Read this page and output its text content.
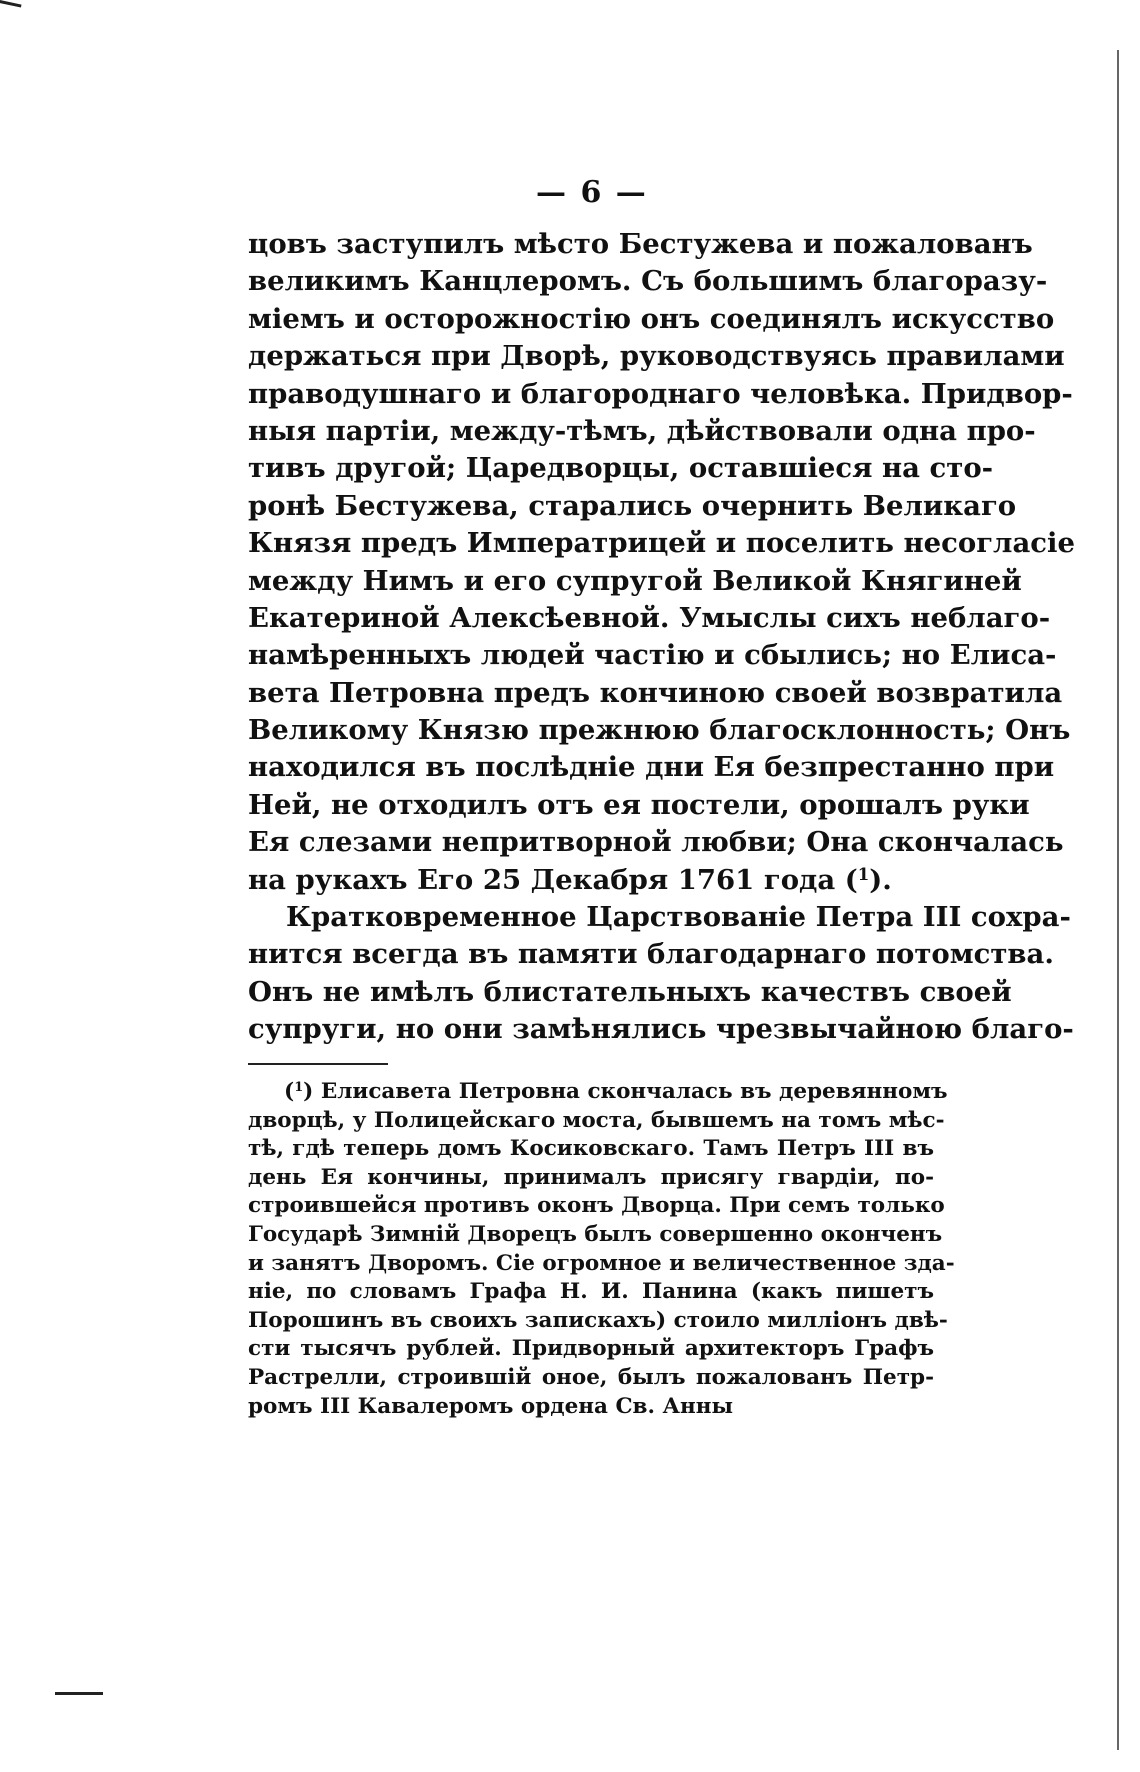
— 6 —
цовъ заступилъ мѣсто Бестужева и пожалованъ
великимъ Канцлеромъ. Съ большимъ благоразу-
міемъ и осторожностію онъ соединялъ искусство
держаться при Дворѣ, руководствуясь правилами
праводушнаго и благороднаго человѣка. Придвор-
ныя партіи, между-тѣмъ, дѣйствовали одна про-
тивъ другой; Царедворцы, оставшіеся на сто-
ронѣ Бестужева, старались очернить Великаго
Князя предъ Императрицей и поселить несогласіе
между Нимъ и его супругой Великой Княгиней
Екатериной Алексѣевной. Умыслы сихъ неблаго-
намѣренныхъ людей частію и сбылись; но Елиса-
вета Петровна предъ кончиною своей возвратила
Великому Князю прежнюю благосклонность; Онъ
находился въ послѣдніе дни Ея безпрестанно при
Ней, не отходилъ отъ ея постели, орошалъ руки
Ея слезами непритворной любви; Она скончалась
на рукахъ Его 25 Декабря 1761 года ($^1$).
Кратковременное Царствованіе Петра III сохра-
нится всегда въ памяти благодарнаго потомства.
Онъ не имѣлъ блистательныхъ качествъ своей
супруги, но они замѣнялись чрезвычайною благо-
($^1$) Елисавета Петровна скончалась въ деревянномъ
дворцѣ, у Полицейскаго моста, бывшемъ на томъ мѣс-
тѣ, гдѣ теперь домъ Косиковскаго. Тамъ Петръ III въ
день Ея кончины, принималъ присягу гвардіи, по-
строившейся противъ оконъ Дворца. При семъ только
Государѣ Зимній Дворецъ былъ совершенно оконченъ
и занятъ Дворомъ. Сіе огромное и величественное зда-
ніе, по словамъ Графа Н. И. Панина (какъ пишетъ
Порошинъ въ своихъ запискахъ) стоило милліонъ двѣ-
сти тысячъ рублей. Придворный архитекторъ Графъ
Растрелли, строившій оное, былъ пожалованъ Петр-
ромъ III Кавалеромъ ордена Св. Анны
